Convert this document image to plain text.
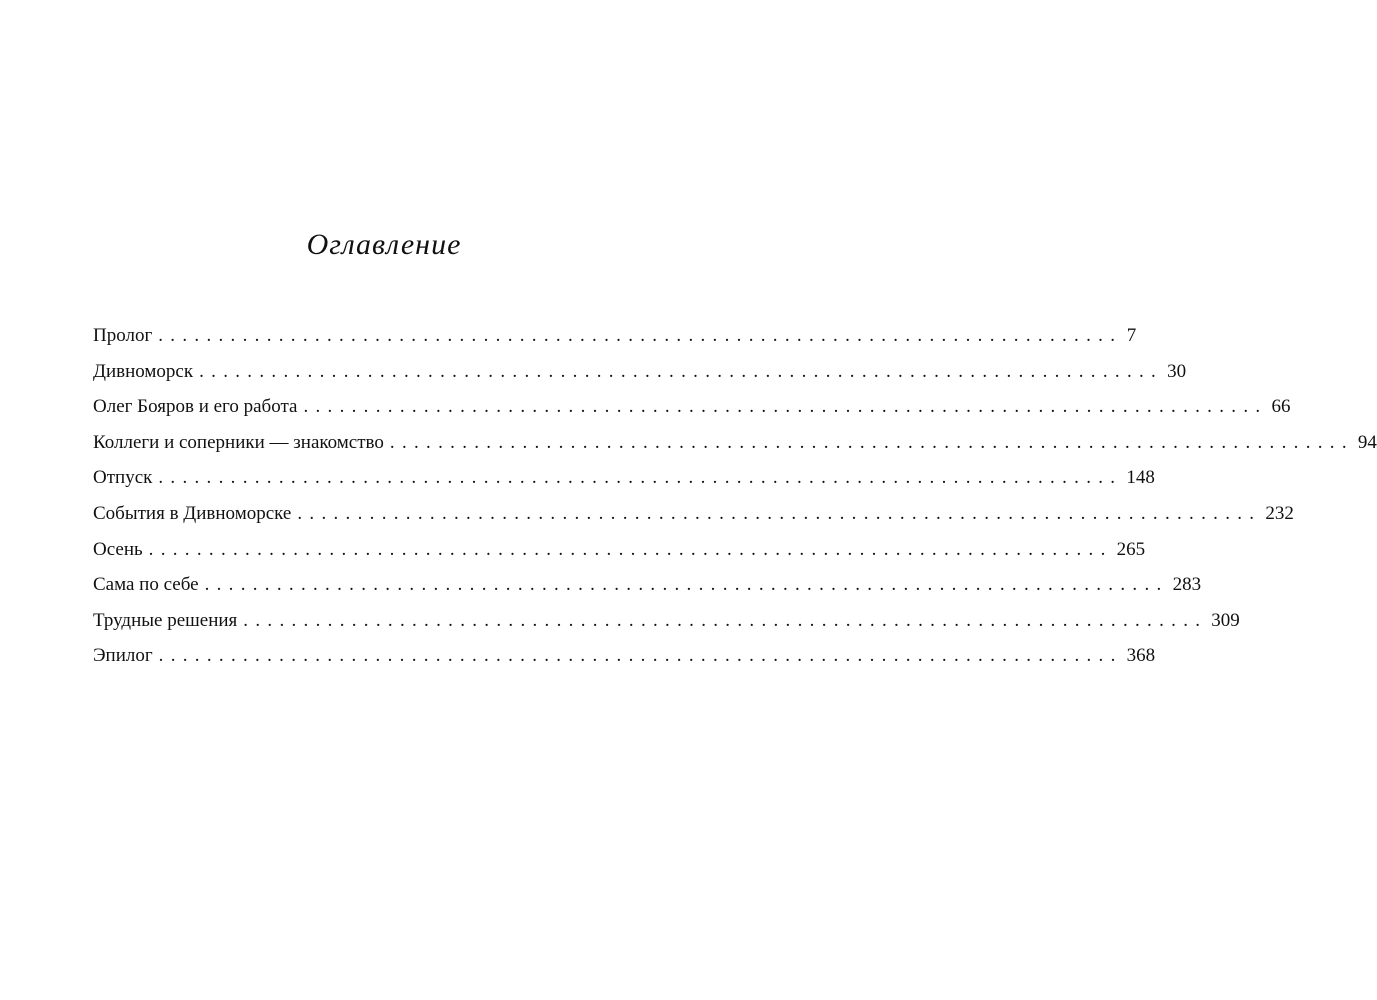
Оглавление
Пролог ................................................................................ 7
Дивноморск ................................................................................ 30
Олег Бояров и его работа ................................................................................ 66
Коллеги и соперники — знакомство ................................................................................ 94
Отпуск ................................................................................ 148
События в Дивноморске ................................................................................ 232
Осень ................................................................................ 265
Сама по себе ................................................................................ 283
Трудные решения ................................................................................ 309
Эпилог ................................................................................ 368
